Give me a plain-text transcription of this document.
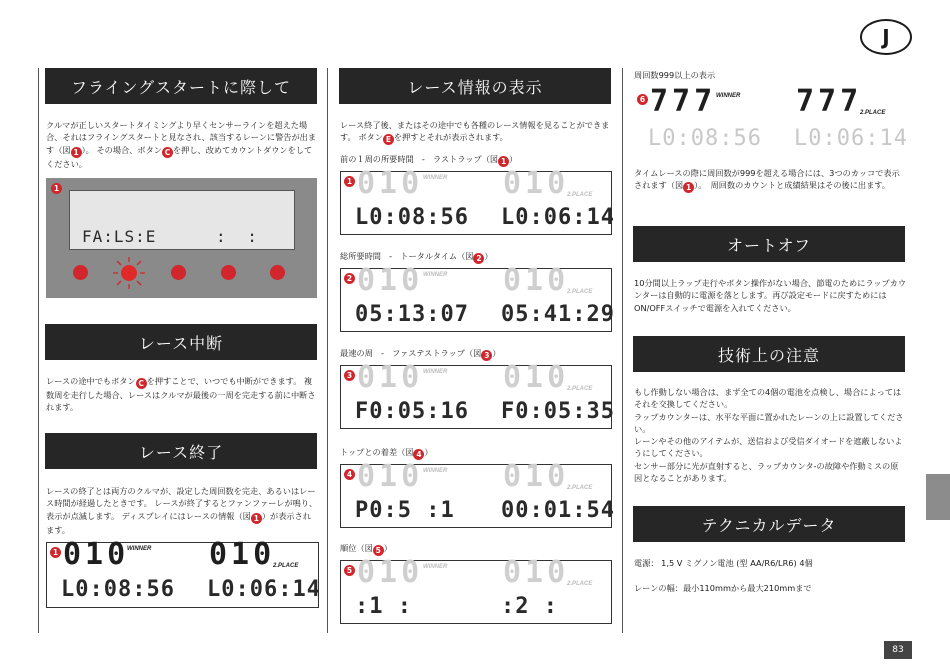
J
83
フライングスタートに際して
クルマが正しいスタートタイミングより早くセンサーラインを超えた場合、それはフライングスタートと見なされ、該当するレーンに警告が出ます（図 1 ）。 その場合、ボタン C を押し、改めてカウントダウンをしてください。
1
FA:LS:E	: :
レース中断
レースの途中でもボタン C を押すことで、いつでも中断ができます。 複数周を走行した場合、レースはクルマが最後の一周を完走する前に中断されます。
レース終了
レースの終了とは両方のクルマが、設定した周回数を完走、あるいはレース時間が経過したときです。 レースが終了するとファンファーレが鳴り、表示が点滅します。 ディスプレイにはレースの情報（図 1 ）が表示されます。
1 010
WINNER 010
2.PLACE
L0:08:56 L0:06:14
レース情報の表示
レース終了後、またはその途中でも各種のレース情報を見ることができます。 ボタン E を押すとそれが表示されます。
前の１周の所要時間　-　ラストラップ（図 1 ）
1 010 WINNER 010
2.PLACE
L0:08:56 L0:06:14
総所要時間　-　トータルタイム（図 2 ）
2 010 WINNER 010
2.PLACE
05:13:07 05:41:29
最速の周　-　ファステストラップ（図 3 ）
3 010 WINNER 010
2.PLACE
F0:05:16 F0:05:35
トップとの着差（図 4 ）
4 010 WINNER 010
2.PLACE
P0:5 :1 00:01:54
順位（図 5 ）
5 010 WINNER 010
2.PLACE
:1 :	:2 :
周回数999以上の表示
6 777 WINNER 777
2.PLACE
L0:08:56 L0:06:14
タイムレースの際に周回数が999を超える場合には、3つのカッコで表示されます（図 1 ）。　周回数のカウントと成績結果はその後に出ます。
オートオフ
10分間以上ラップ走行やボタン操作がない場合、節電のためにラップカウンターは自動的に電源を落とします。再び設定モードに戻すためにはON/OFFスイッチで電源を入れてください。
技術上の注意
もし作動しない場合は、まず全ての4個の電池を点検し、場合によってはそれを交換してください。
ラップカウンターは、水平な平面に置かれたレーンの上に設置してください。
レーンやその他のアイテムが、送信および受信ダイオードを遮蔽しないようにしてください。
センサー部分に光が直射すると、ラップカウンタ-の故障や作動ミスの原因となることがあります。
テクニカルデータ
電源： 1,5 V ミグノン電池 (型 AA/R6/LR6) 4個
レーンの幅：最小110mmから最大210mmまで
